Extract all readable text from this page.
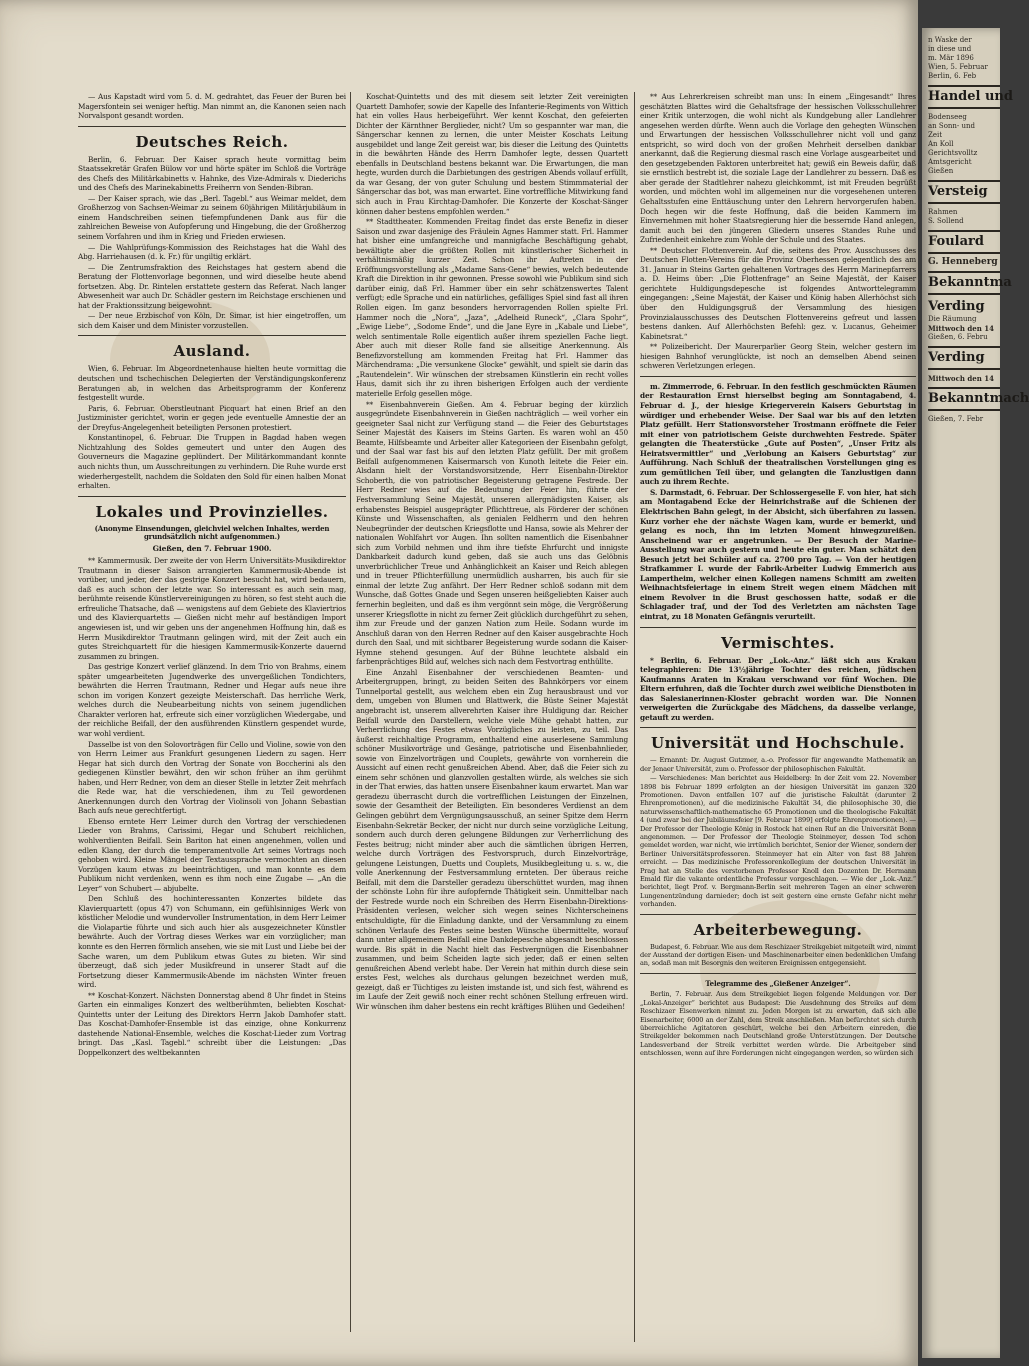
— Aus Kapstadt wird vom 5. d. M. gedrahtet, das Feuer der Buren bei Magersfontein sei weniger heftig. Man nimmt an, die Kanonen seien nach Norvalspont gesandt worden.

Deutsches Reich.

Berlin, 6. Februar. Der Kaiser sprach heute vormittag beim Staatssekretär Grafen Bülow vor und hörte später im Schloß die Vorträge des Chefs des Militärkabinetts v. Hahnke, des Vize-Admirals v. Diederichs und des Chefs des Marinekabinetts Freiherrn von Senden-Bibran.

— Der Kaiser sprach, wie das „Berl. Tagebl.“ aus Weimar meldet, dem Großherzog von Sachsen-Weimar zu seinem 60jährigen Militärjubiläum in einem Handschreiben seinen tiefempfundenen Dank aus für die zahlreichen Beweise von Aufopferung und Hingebung, die der Großherzog seinem Vorfahren und ihm in Krieg und Frieden erwiesen.

— Die Wahlprüfungs-Kommission des Reichstages hat die Wahl des Abg. Harriehausen (d. k. Fr.) für ungiltig erklärt.

— Die Zentrumsfraktion des Reichstages hat gestern abend die Beratung der Flottenvorlage begonnen, und wird dieselbe heute abend fortsetzen. Abg. Dr. Rintelen erstattete gestern das Referat. Nach langer Abwesenheit war auch Dr. Schädler gestern im Reichstage erschienen und hat der Fraktionssitzung beigewohnt.

— Der neue Erzbischof von Köln, Dr. Simar, ist hier eingetroffen, um sich dem Kaiser und dem Minister vorzustellen.

Ausland.

Wien, 6. Februar. Im Abgeordnetenhause hielten heute vormittag die deutschen und tschechischen Delegierten der Verständigungskonferenz Beratungen ab, in welchen das Arbeitsprogramm der Konferenz festgestellt wurde.

Paris, 6. Februar. Oberstleutnant Picquart hat einen Brief an den Justizminister gerichtet, worin er gegen jede eventuelle Amnestie der an der Dreyfus-Angelegenheit beteiligten Personen protestiert.

Konstantinopel, 6. Februar. Die Truppen in Bagdad haben wegen Nichtzahlung des Soldes gemeutert und unter den Augen des Gouverneurs die Magazine geplündert. Der Militärkommandant konnte auch nichts thun, um Ausschreitungen zu verhindern. Die Ruhe wurde erst wiederhergestellt, nachdem die Soldaten den Sold für einen halben Monat erhalten.

Lokales und Provinzielles.
(Anonyme Einsendungen, gleichviel welchen Inhaltes, werden grundsätzlich nicht aufgenommen.)
Gießen, den 7. Februar 1900.

** Kammermusik. Der zweite der von Herrn Universitäts-Musikdirektor Trautmann in dieser Saison arrangierten Kammermusik-Abende ist vorüber, und jeder, der das gestrige Konzert besucht hat, wird bedauern, daß es auch schon der letzte war. So interessant es auch sein mag, berühmte reisende Künstlervereinigungen zu hören, so fest steht auch die erfreuliche Thatsache, daß — wenigstens auf dem Gebiete des Klaviertrios und des Klavierquartetts — Gießen nicht mehr auf beständigen Import angewiesen ist, und wir geben uns der angenehmen Hoffnung hin, daß es Herrn Musikdirektor Trautmann gelingen wird, mit der Zeit auch ein gutes Streichquartett für die hiesigen Kammermusik-Konzerte dauernd zusammen zu bringen.

Das gestrige Konzert verlief glänzend. In dem Trio von Brahms, einem später umgearbeiteten Jugendwerke des unvergeßlichen Tondichters, bewährten die Herren Trautmann, Redner und Hegar aufs neue ihre schon im vorigen Konzert gezeigte Meisterschaft. Das herrliche Werk, welches durch die Neubearbeitung nichts von seinem jugendlichen Charakter verloren hat, erfreute sich einer vorzüglichen Wiedergabe, und der reichliche Beifall, der den ausführenden Künstlern gespendet wurde, war wohl verdient.

Dasselbe ist von den Solovorträgen für Cello und Violine, sowie von den von Herrn Leimer aus Frankfurt gesungenen Liedern zu sagen. Herr Hegar hat sich durch den Vortrag der Sonate von Boccherini als den gediegenen Künstler bewährt, den wir schon früher an ihm gerühmt haben, und Herr Redner, von dem an dieser Stelle in letzter Zeit mehrfach die Rede war, hat die verschiedenen, ihm zu Teil gewordenen Anerkennungen durch den Vortrag der Violinsoli von Johann Sebastian Bach aufs neue gerechtfertigt.

Ebenso erntete Herr Leimer durch den Vortrag der verschiedenen Lieder von Brahms, Carissimi, Hegar und Schubert reichlichen, wohlverdienten Beifall. Sein Bariton hat einen angenehmen, vollen und edlen Klang, der durch die temperamentvolle Art seines Vortrags noch gehoben wird. Kleine Mängel der Textaussprache vermochten an diesen Vorzügen kaum etwas zu beeinträchtigen, und man konnte es dem Publikum nicht verdenken, wenn es ihm noch eine Zugabe — „An die Leyer“ von Schubert — abjubelte.

Den Schluß des hochinteressanten Konzertes bildete das Klavierquartett (opus 47) von Schumann, ein gefühlsinniges Werk von köstlicher Melodie und wundervoller Instrumentation, in dem Herr Leimer die Violapartie führte und sich auch hier als ausgezeichneter Künstler bewährte. Auch der Vortrag dieses Werkes war ein vorzüglicher; man konnte es den Herren förmlich ansehen, wie sie mit Lust und Liebe bei der Sache waren, um dem Publikum etwas Gutes zu bieten. Wir sind überzeugt, daß sich jeder Musikfreund in unserer Stadt auf die Fortsetzung dieser Kammermusik-Abende im nächsten Winter freuen wird.

** Koschat-Konzert. Nächsten Donnerstag abend 8 Uhr findet in Steins Garten ein einmaliges Konzert des weltberühmten, beliebten Koschat-Quintetts unter der Leitung des Direktors Herrn Jakob Damhofer statt. Das Koschat-Damhofer-Ensemble ist das einzige, ohne Konkurrenz dastehende National-Ensemble, welches die Koschat-Lieder zum Vortrag bringt. Das „Kasl. Tagebl.“ schreibt über die Leistungen: „Das Doppelkonzert des weltbekannten

Koschat-Quintetts und des mit diesem seit letzter Zeit vereinigten Quartett Damhofer, sowie der Kapelle des Infanterie-Regiments von Wittich hat ein volles Haus herbeigeführt. Wer kennt Koschat, den gefeierten Dichter der Kärnthner Berglieder, nicht? Um so gespannter war man, die Sängerschar kennen zu lernen, die unter Meister Koschats Leitung ausgebildet und lange Zeit gereist war, bis dieser die Leitung des Quintetts in die bewährten Hände des Herrn Damhofer legte, dessen Quartett ebenfalls in Deutschland bestens bekannt war. Die Erwartungen, die man hegte, wurden durch die Darbietungen des gestrigen Abends vollauf erfüllt, da war Gesang, der von guter Schulung und bestem Stimmmaterial der Sängerschar das bot, was man erwartet. Eine vortreffliche Mitwirkung fand sich auch in Frau Kirchtag-Damhofer. Die Konzerte der Koschat-Sänger können daher bestens empfohlen werden.“

** Stadttheater. Kommenden Freitag findet das erste Benefiz in dieser Saison und zwar dasjenige des Fräulein Agnes Hammer statt. Frl. Hammer hat bisher eine umfangreiche und mannigfache Beschäftigung gehabt, bewältigte aber die größten Rollen mit künstlerischer Sicherheit in verhältnismäßig kurzer Zeit. Schon ihr Auftreten in der Eröffnungsvorstellung als „Madame Sans-Gene“ bewies, welch bedeutende Kraft die Direktion in ihr gewonnen. Presse sowohl wie Publikum sind sich darüber einig, daß Frl. Hammer über ein sehr schätzenswertes Talent verfügt; edle Sprache und ein natürliches, gefälliges Spiel sind fast all ihren Rollen eigen. Im ganz besonders hervorragenden Rollen spielte Frl. Hammer noch die „Nora“, „Jaza“, „Adelheid Runeck“, „Clara Spohr“, „Ewige Liebe“, „Sodome Ende“, und die Jane Eyre in „Kabale und Liebe“, welch sentimentale Rolle eigentlich außer ihrem speziellen Fache liegt. Aber auch mit dieser Rolle fand sie allseitige Anerkennung. Als Benefizvorstellung am kommenden Freitag hat Frl. Hammer das Märchendrama: „Die versunkene Glocke“ gewählt, und spielt sie darin das „Rautendelein“. Wir wünschen der strebsamen Künstlerin ein recht volles Haus, damit sich ihr zu ihren bisherigen Erfolgen auch der verdiente materielle Erfolg gesellen möge.

** Eisenbahnverein Gießen. Am 4. Februar beging der kürzlich ausgegründete Eisenbahnverein in Gießen nachträglich — weil vorher ein geeigneter Saal nicht zur Verfügung stand — die Feier des Geburtstages Seiner Majestät des Kaisers im Steins Garten. Es waren wohl an 450 Beamte, Hilfsbeamte und Arbeiter aller Kategorieen der Eisenbahn gefolgt, und der Saal war fast bis auf den letzten Platz gefüllt. Der mit großem Beifall aufgenommenen Kaisermarsch von Kunoth leitete die Feier ein. Alsdann hielt der Vorstandsvorsitzende, Herr Eisenbahn-Direktor Schoberth, die von patriotischer Begeisterung getragene Festrede. Der Herr Redner wies auf die Bedeutung der Feier hin, führte der Festversammlung Seine Majestät, unseren allergnädigsten Kaiser, als erhabenstes Beispiel ausgeprägter Pflichttreue, als Förderer der schönen Künste und Wissenschaften, als genialen Feldherrn und den hehren Neubegründer der deutschen Kriegsflotte und Hansa, sowie als Mehrer der nationalen Wohlfahrt vor Augen. Ihn sollten namentlich die Eisenbahner sich zum Vorbild nehmen und ihm ihre tiefste Ehrfurcht und innigste Dankbarkeit dadurch kund geben, daß sie auch uns das Gelöbnis unverbrüchlicher Treue und Anhänglichkeit an Kaiser und Reich ablegen und in treuer Pflichterfüllung unermüdlich ausharren, bis auch für sie einmal der letzte Zug anfährt. Der Herr Redner schloß sodann mit dem Wunsche, daß Gottes Gnade und Segen unseren heißgeliebten Kaiser auch fernerhin begleiten, und daß es ihm vergönnt sein möge, die Vergrößerung unserer Kriegsflotte in nicht zu ferner Zeit glücklich durchgeführt zu sehen, ihm zur Freude und der ganzen Nation zum Heile. Sodann wurde im Anschluß daran von den Herren Redner auf den Kaiser ausgebrachte Hoch durch den Saal, und mit sichtbarer Begeisterung wurde sodann die Kaiser-Hymne stehend gesungen. Auf der Bühne leuchtete alsbald ein farbenprächtiges Bild auf, welches sich nach dem Festvortrag enthüllte.

Eine Anzahl Eisenbahner der verschiedenen Beamten- und Arbeitergruppen, bringt, zu beiden Seiten des Bahnkörpers vor einem Tunnelportal gestellt, aus welchem eben ein Zug herausbraust und vor dem, umgeben von Blumen und Blattwerk, die Büste Seiner Majestät angebracht ist, unserem allverehrten Kaiser ihre Huldigung dar. Reicher Beifall wurde den Darstellern, welche viele Mühe gehabt hatten, zur Verherrlichung des Festes etwas Vorzügliches zu leisten, zu teil. Das äußerst reichhaltige Programm, enthaltend eine auserlesene Sammlung schöner Musikvorträge und Gesänge, patriotische und Eisenbahnlieder, sowie von Einzelvorträgen und Couplets, gewährte von vornherein die Aussicht auf einen recht genußreichen Abend. Aber, daß die Feier sich zu einem sehr schönen und glanzvollen gestalten würde, als welches sie sich in der That erwies, das hatten unsere Eisenbahner kaum erwartet. Man war geradezu überrascht durch die vortrefflichen Leistungen der Einzelnen, sowie der Gesamtheit der Beteiligten. Ein besonderes Verdienst an dem Gelingen gebührt dem Vergnügungsausschuß, an seiner Spitze dem Herrn Eisenbahn-Sekretär Becker, der nicht nur durch seine vorzügliche Leitung, sondern auch durch deren gelungene Bildungen zur Verherrlichung des Festes beitrug; nicht minder aber auch die sämtlichen übrigen Herren, welche durch Vorträgen des Festvorspruch, durch Einzelvorträge, gelungene Leistungen, Duetts und Couplets, Musikbegleitung u. s. w., die volle Anerkennung der Festversammlung ernteten. Der überaus reiche Beifall, mit dem die Darsteller geradezu überschüttet wurden, mag ihnen der schönste Lohn für ihre aufopfernde Thätigkeit sein. Unmittelbar nach der Festrede wurde noch ein Schreiben des Herrn Eisenbahn-Direktions-Präsidenten verlesen, welcher sich wegen seines Nichterscheinens entschuldigte, für die Einladung dankte, und der Versammlung zu einem schönen Verlaufe des Festes seine besten Wünsche übermittelte, worauf dann unter allgemeinem Beifall eine Dankdepesche abgesandt beschlossen wurde. Bis spät in die Nacht hielt das Festvergnügen die Eisenbahner zusammen, und beim Scheiden lagte sich jeder, daß er einen selten genußreichen Abend verlebt habe. Der Verein hat mithin durch diese sein erstes Fest, welches als durchaus gelungen bezeichnet werden muß, gezeigt, daß er Tüchtiges zu leisten imstande ist, und sich fest, während es im Laufe der Zeit gewiß noch einer recht schönen Stellung erfreuen wird. Wir wünschen ihm daher bestens ein recht kräftiges Blühen und Gedeihen!

** Aus Lehrerkreisen schreibt man uns: In einem „Eingesandt“ Ihres geschätzten Blattes wird die Gehaltsfrage der hessischen Volksschullehrer einer Kritik unterzogen, die wohl nicht als Kundgebung aller Landlehrer angesehen werden dürfte. Wenn auch die Vorlage den gehegten Wünschen und Erwartungen der hessischen Volksschullehrer nicht voll und ganz entspricht, so wird doch von der großen Mehrheit derselben dankbar anerkannt, daß die Regierung diesmal rasch eine Vorlage ausgearbeitet und den gesetzgebenden Faktoren unterbreitet hat; gewiß ein Beweis dafür, daß sie ernstlich bestrebt ist, die soziale Lage der Landlehrer zu bessern. Daß es aber gerade der Stadtlehrer nahezu gleichkommt, ist mit Freuden begrüßt worden, und möchten wohl im allgemeinen nur die vorgesehenen unteren Gehaltsstufen eine Enttäuschung unter den Lehrern hervorgerufen haben. Doch hegen wir die feste Hoffnung, daß die beiden Kammern im Einvernehmen mit hoher Staatsregierung hier die bessernde Hand anlegen, damit auch bei den jüngeren Gliedern unseres Standes Ruhe und Zufriedenheit einkehre zum Wohle der Schule und des Staates.

** Deutscher Flottenverein. Auf die, seitens des Prov. Ausschusses des Deutschen Flotten-Vereins für die Provinz Oberhessen gelegentlich des am 31. Januar in Steins Garten gehaltenen Vortrages des Herrn Marinepfarrers a. D. Heims über: „Die Flottenfrage“ an Seine Majestät, der Kaiser gerichtete Huldigungsdepesche ist folgendes Antworttelegramm eingegangen: „Seine Majestät, der Kaiser und König haben Allerhöchst sich über den Huldigungsgruß der Versammlung des hiesigen Provinzialausschusses des Deutschen Flottenvereins gefreut und lassen bestens danken. Auf Allerhöchsten Befehl: gez. v. Lucanus, Geheimer Kabinetsrat.“

** Polizeibericht. Der Maurerparlier Georg Stein, welcher gestern im hiesigen Bahnhof verunglückte, ist noch an demselben Abend seinen schweren Verletzungen erlegen.

m. Zimmerrode, 6. Februar. In den festlich geschmückten Räumen der Restauration Ernst hierselbst beging am Sonntagabend, 4. Februar d. J., der hiesige Kriegerverein Kaisers Geburtstag in würdiger und erhebender Weise. Der Saal war bis auf den letzten Platz gefüllt. Herr Stationsvorsteher Trostmann eröffnete die Feier mit einer von patriotischem Geiste durchwehten Festrede. Später gelangten die Theaterstücke „Gute auf Posten“, „Unser Fritz als Heiratsvermittler“ und „Verlobung an Kaisers Geburtstag“ zur Aufführung. Nach Schluß der theatralischen Vorstellungen ging es zum gemütlichen Teil über, und gelangten die Tanzlustigen dann auch zu ihrem Rechte.

S. Darmstadt, 6. Februar. Der Schlossergeselle F. von hier, hat sich am Montagabend Ecke der Heinrichstraße auf die Schienen der Elektrischen Bahn gelegt, in der Absicht, sich überfahren zu lassen. Kurz vorher ehe der nächste Wagen kam, wurde er bemerkt, und gelang es noch, ihn im letzten Moment hinwegzureißen. Anscheinend war er angetrunken. — Der Besuch der Marine-Ausstellung war auch gestern und heute ein guter. Man schätzt den Besuch jetzt bei Schüler auf ca. 2700 pro Tag. — Von der heutigen Strafkammer I. wurde der Fabrik-Arbeiter Ludwig Emmerich aus Lampertheim, welcher einen Kollegen namens Schmitt am zweiten Weihnachtsfeiertage in einem Streit wegen einem Mädchen mit einem Revolver in die Brust geschossen hatte, sodaß er die Schlagader traf, und der Tod des Verletzten am nächsten Tage eintrat, zu 18 Monaten Gefängnis verurteilt.

Vermischtes.

* Berlin, 6. Februar. Der „Lok.-Anz.“ läßt sich aus Krakau telegraphieren: Die 13½jährige Tochter des reichen, jüdischen Kaufmanns Araten in Krakau verschwand vor fünf Wochen. Die Eltern erfuhren, daß die Tochter durch zwei weibliche Dienstboten in das Salesianerinnen-Kloster gebracht worden war. Die Nonnen verweigerten die Zurückgabe des Mädchens, da dasselbe verlange, getauft zu werden.

Universität und Hochschule.

— Ernannt: Dr. August Gutzmer, a.-o. Professor für angewandte Mathematik an der Jenaer Universität, zum o. Professor der philosophischen Fakultät.

— Verschiedenes: Man berichtet aus Heidelberg: In der Zeit vom 22. November 1898 bis Februar 1899 erfolgten an der hiesigen Universität im ganzen 320 Promotionen. Davon entfallen 107 auf die juristische Fakultät (darunter 2 Ehrenpromotionen), auf die medizinische Fakultät 34, die philosophische 30, die naturwissenschaftlich-mathematische 65 Promotionen und die theologische Fakultät 4 (und zwar bei der Jubiläumsfeier [9. Februar 1899] erfolgte Ehrenpromotionen). — Der Professor der Theologie König in Rostock hat einen Ruf an die Universität Bonn angenommen. — Der Professor der Theologie Steinmeyer, dessen Tod schon gemeldet worden, war nicht, wie irrtümlich berichtet, Senior der Wiener, sondern der Berliner Universitätsprofessoren. Steinmeyer hat ein Alter von fast 88 Jahren erreicht. — Das medizinische Professorenkollegium der deutschen Universität in Prag hat an Stelle des verstorbenen Professor Knoll den Dozenten Dr. Hermann Emald für die vakante ordentliche Professur vorgeschlagen. — Wie der „Lok.-Anz.“ berichtet, liegt Prof. v. Bergmann-Berlin seit mehreren Tagen an einer schweren Lungenentzündung darnieder; doch ist seit gestern eine ernste Gefahr nicht mehr vorhanden.

Arbeiterbewegung.

Budapest, 6. Februar. Wie aus dem Reschizaer Streikgebiet mitgeteilt wird, nimmt der Ausstand der dortigen Eisen- und Maschinenarbeiter einen bedenklichen Umfang an, sodaß man mit Besorgnis den weiteren Ereignissen entgegensieht.

Telegramme des „Gießener Anzeiger“.

Berlin, 7. Februar. Aus dem Streikgebiet liegen folgende Meldungen vor. Der „Lokal-Anzeiger“ berichtet aus Budapest: Die Ausdehnung des Streiks auf dem Reschizaer Eisenwerken nimmt zu. Jeden Morgen ist zu erwarten, daß sich alle Eisenarbeiter, 6000 an der Zahl, dem Streik anschließen. Man befürchtet sich durch überreichliche Agitatoren geschürt, welche bei den Arbeitern einreden, die Streikgelder bekommen nach Deutschland große Unterstützungen. Der Deutsche Landesverband der Streik verbittet werden würde. Die Arbeitgeber sind entschlossen, wenn auf ihre Forderungen nicht eingegangen werden, so würden sich

n Waske der
in diese und
m. Mär 1896
Wien, 5. Februar
Berlin, 6. Feb
Handel und
Bodenseeg
an Sonn- und
Zeit
An Koll
Gerichtsvolltz
Amtsgericht
Gießen
Versteig
Rahmen
S. Sollend
Foulard
G. Henneberg
Bekanntma
Verding
Die Räumung
Mittwoch den 14
Gießen, 6. Febru
Verding
Mittwoch den 14
Bekanntmach
Gießen, 7. Febr
